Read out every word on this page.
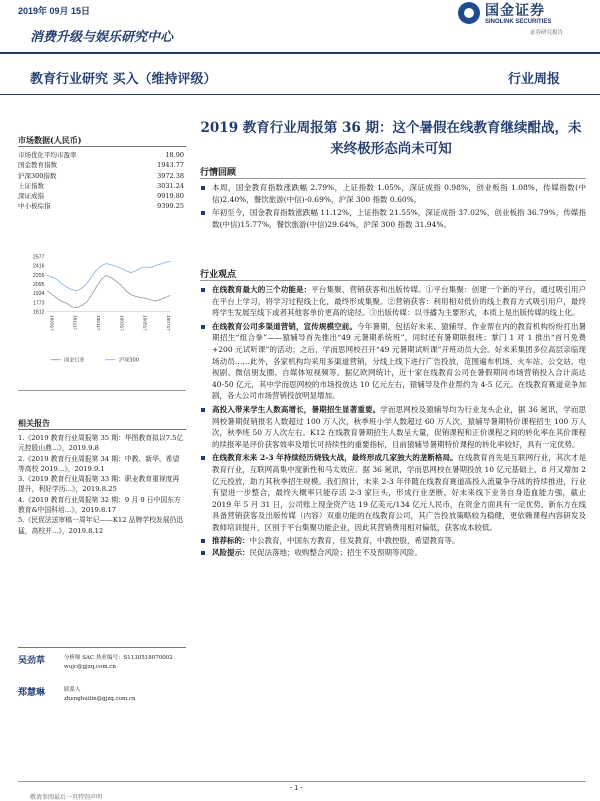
2019年 09月 15日	国金证券
SINOLINK SECURITIES
证券研究报告
消费升级与娱乐研究中心
教育行业研究 买入（维持评级）	行业周报
市场数据(人民币)
市场优化平均市盈率	18.90
国金教育指数	1943.77
沪深300指数	3972.38
上证指数	3031.24
深证成指	9919.80
中小板综指	9399.25
2577
2416
2255
2095
1934
1773
1612
180917	181117	190117	190317	190517	190717
国金行业	沪深300
相关报告

1.《2019 教育行业周报第 35 期：华图教育拟以7.5亿元控股山鼎...》，2019.9.8

2.《2019 教育行业周报第 34 期：中教、新华、希望等高校 2019...》，2019.9.1

3.《2019 教育行业周报第 33 期：职业教育重视度再提升，利好学历...》，2019.8.25

4.《2019 教育行业周报第 32 期：9 月 9 日中国东方教育&中国科培...》，2019.8.17

5.《民促法送审稿一周年记——K12 品牌学校发展仍迅猛，高校并...》，2019.8.12

吴劲草	分析师 SAC 执业编号：S1130518070002
wujc@gjzq.com.cn
郑慧琳	联系人
zhenghuilin@gjzq.com.cn
2019 教育行业周报第 36 期：这个暑假在线教育继续酣战，未来终极形态尚未可知
行情回顾
本周，国金教育指数涨跌幅 2.79%，上证指数 1.05%，深证成指 0.98%，创业板指 1.08%，传媒指数(中信)2.40%，餐饮旅游(中信)-0.69%，沪深 300 指数 0.60%。
年初至今，国金教育指数涨跌幅 11.12%，上证指数 21.55%，深证成指 37.02%，创业板指 36.79%，传媒指数(中信)15.77%，餐饮旅游(中信)29.64%，沪深 300 指数 31.94%。
行业观点
在线教育最大的三个功能是：平台集聚、营销获客和出版传媒。①平台集聚：创建一个新的平台，通过吸引用户在平台上学习，将学习过程线上化，最终形成集聚。②营销获客：利用相对低价的线上教育方式吸引用户，最终将学生发展至线下或者其他客单价更高的途径。③出版传媒：以寻播为主要形式，本质上是出版传媒的线上化。
在线教育公司多渠道营销，宣传规模空前。今年暑期，包括好未来、猿辅导、作业帮在内的教育机构纷纷打出暑期招生“组合拳”——猿辅导首先推出“49 元暑期系统班”，同时还有暑期联报班；掌门 1 对 1 推出“首月免费+200 元试听课”的活动；之后，学而思网校召开“49 元暑期试听课”开班动员大会。好未来集团多位高层亲临现场动员……此外，各家机构均采用多渠道营销，分线上线下进行广告投放，范围遍布机场、火车站、公交站、电视剧、微信朋友圈、自媒体短视频等。据亿欧网统计，近十家在线教育公司在暑假期间市场营销投入合计高达 40-50 亿元，其中学而思网校的市场投放达 10 亿元左右，猿辅导及作业帮约为 4-5 亿元。在线教育赛道竞争加剧，各大公司市场营销投放明显增加。
高投入带来学生人数高增长，暑期招生显著重要。学而思网校及猿辅导均为行业龙头企业，据 36 氪讯，学而思网校暑期促销报名人数超过 100 万人次，秋季班小学人数超过 60 万人次，猿辅导暑期特价课程招生 100 万人次，秋季班 50 万人次左右。K12 在线教育暑期招生人数呈大量，促销课程和正价课程之间的转化率在其价课程的续报率是评价获客效率及增长可持续性的重要指标，目前猿辅导暑期特价课程的转化率较好，具有一定优势。
在线教育未来 2-3 年持续经历烧钱大战，最终形成几家独大的垄断格局。在线教育首先是互联网行业，其次才是教育行业，互联网高集中度新性和马太效应。据 36 氪讯，学而思网校在暑期投放 10 亿元基础上，8 月又增加 2 亿元投放，助力其秋季招生规模。我们预计，未来 2-3 年伴随在线教育赛道高投入流量争夺战的持续推进，行业有望进一步整合，最终大概率只能存活 2-3 家巨头，形成行业垄断。好未来线下业务自身造血能力强，截止 2019 年 5 月 31 日，公司账上现金资产达 19 亿美元/134 亿元人民币，在资金方面具有一定优势。新东方在线具备营销获客及出版传媒（内容）双重功能的在线教育公司，其广告投放策略较为稳健，更依赖课程内容研发及教师培训提升，区别于平台集聚功能企业，因此其营销费用相对偏低，获客成本较低。
推荐标的：中公教育，中国东方教育，佳发教育，中教控股，希望教育等。
风险提示：民促法落地；收购整合风险；招生不及预期等风险。
- 1 -
敬请参阅最后一页特别声明
